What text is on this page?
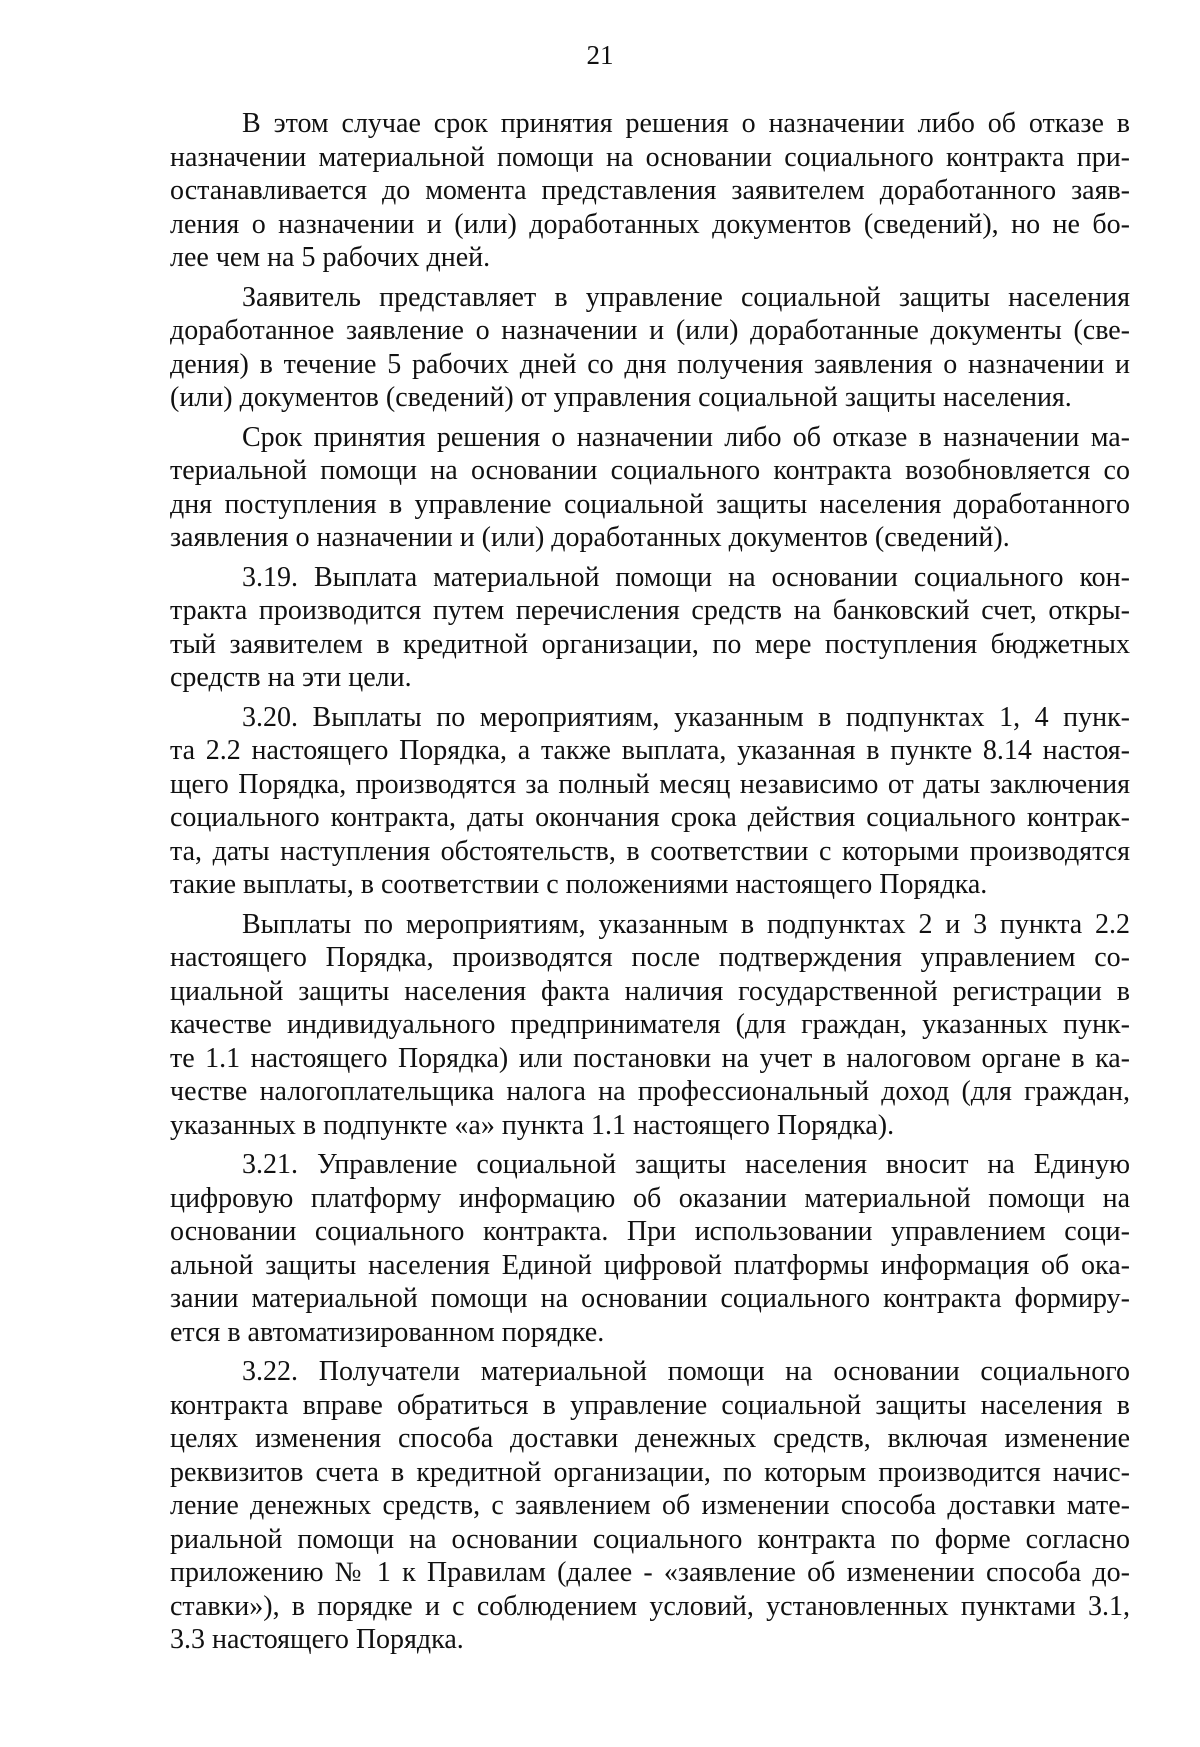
21
В этом случае срок принятия решения о назначении либо об отказе в
назначении материальной помощи на основании социального контракта при-
останавливается до момента представления заявителем доработанного заяв-
ления о назначении и (или) доработанных документов (сведений), но не бо-
лее чем на 5 рабочих дней.
Заявитель представляет в управление социальной защиты населения
доработанное заявление о назначении и (или) доработанные документы (све-
дения) в течение 5 рабочих дней со дня получения заявления о назначении и
(или) документов (сведений) от управления социальной защиты населения.
Срок принятия решения о назначении либо об отказе в назначении ма-
териальной помощи на основании социального контракта возобновляется со
дня поступления в управление социальной защиты населения доработанного
заявления о назначении и (или) доработанных документов (сведений).
3.19. Выплата материальной помощи на основании социального кон-
тракта производится путем перечисления средств на банковский счет, откры-
тый заявителем в кредитной организации, по мере поступления бюджетных
средств на эти цели.
3.20. Выплаты по мероприятиям, указанным в подпунктах 1, 4 пунк-
та 2.2 настоящего Порядка, а также выплата, указанная в пункте 8.14 настоя-
щего Порядка, производятся за полный месяц независимо от даты заключения
социального контракта, даты окончания срока действия социального контрак-
та, даты наступления обстоятельств, в соответствии с которыми производятся
такие выплаты, в соответствии с положениями настоящего Порядка.
Выплаты по мероприятиям, указанным в подпунктах 2 и 3 пункта 2.2
настоящего Порядка, производятся после подтверждения управлением со-
циальной защиты населения факта наличия государственной регистрации в
качестве индивидуального предпринимателя (для граждан, указанных пунк-
те 1.1 настоящего Порядка) или постановки на учет в налоговом органе в ка-
честве налогоплательщика налога на профессиональный доход (для граждан,
указанных в подпункте «а» пункта 1.1 настоящего Порядка).
3.21. Управление социальной защиты населения вносит на Единую
цифровую платформу информацию об оказании материальной помощи на
основании социального контракта. При использовании управлением соци-
альной защиты населения Единой цифровой платформы информация об ока-
зании материальной помощи на основании социального контракта формиру-
ется в автоматизированном порядке.
3.22. Получатели материальной помощи на основании социального
контракта вправе обратиться в управление социальной защиты населения в
целях изменения способа доставки денежных средств, включая изменение
реквизитов счета в кредитной организации, по которым производится начис-
ление денежных средств, с заявлением об изменении способа доставки мате-
риальной помощи на основании социального контракта по форме согласно
приложению № 1 к Правилам (далее - «заявление об изменении способа до-
ставки»), в порядке и с соблюдением условий, установленных пунктами 3.1,
3.3 настоящего Порядка.
